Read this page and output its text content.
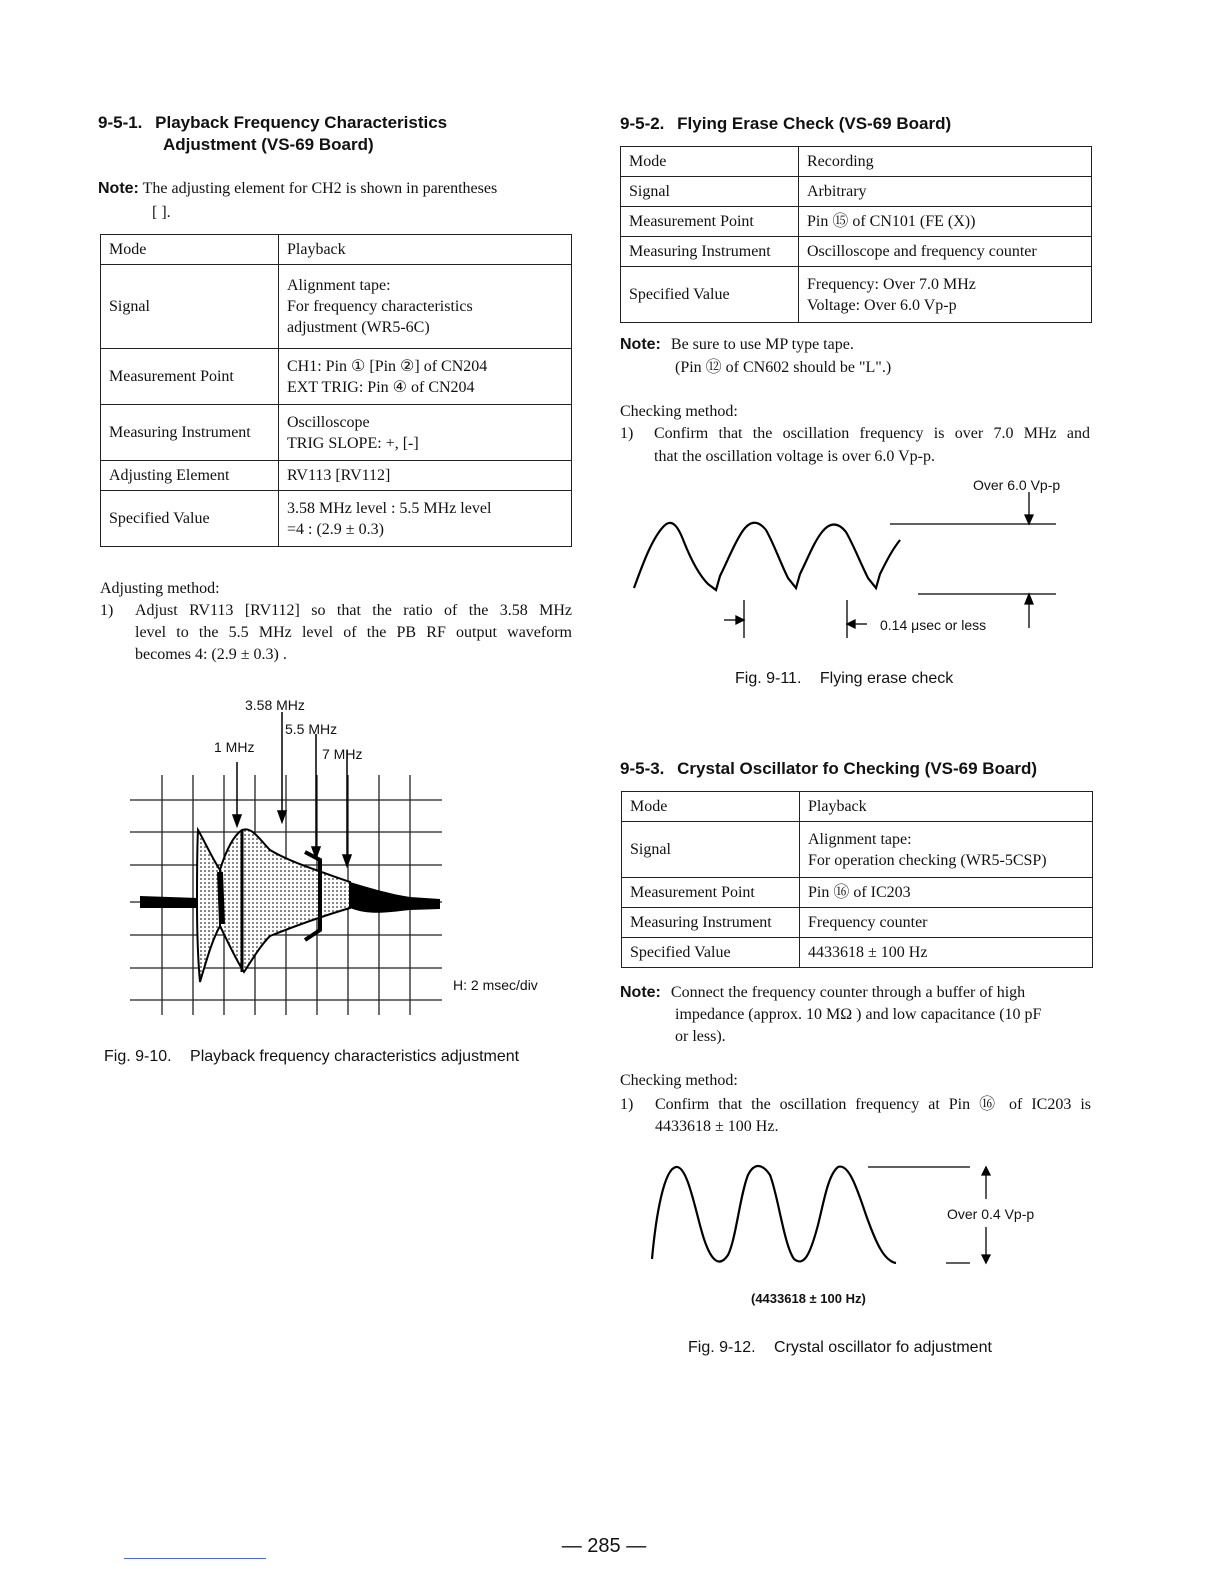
9-5-1. Playback Frequency Characteristics
Adjustment (VS-69 Board)
Note: The adjusting element for CH2 is shown in parentheses
[ ].
Mode	Playback
Signal	Alignment tape:
For frequency characteristics
adjustment (WR5-6C)
Measurement Point	CH1: Pin ① [Pin ②] of CN204
EXT TRIG: Pin ④ of CN204
Measuring Instrument	Oscilloscope
TRIG SLOPE: +, [-]
Adjusting Element	RV113 [RV112]
Specified Value	3.58 MHz level : 5.5 MHz level
=4 : (2.9 ± 0.3)
Adjusting method:
1) Adjust RV113 [RV112] so that the ratio of the 3.58 MHz
level to the 5.5 MHz level of the PB RF output waveform
becomes 4: (2.9 ± 0.3) .
3.58 MHz
5.5 MHz
1 MHz	7 MHz
H: 2 msec/div
Fig. 9-10. Playback frequency characteristics adjustment
9-5-2. Flying Erase Check (VS-69 Board)
Mode	Recording
Signal	Arbitrary
Measurement Point	Pin ⑮ of CN101 (FE (X))
Measuring Instrument	Oscilloscope and frequency counter
Specified Value	Frequency: Over 7.0 MHz
Voltage: Over 6.0 Vp-p
Note: Be sure to use MP type tape.
(Pin ⑫ of CN602 should be "L".)
Checking method:
1) Confirm that the oscillation frequency is over 7.0 MHz and
that the oscillation voltage is over 6.0 Vp-p.
Over 6.0 Vp-p
0.14 μsec or less
Fig. 9-11. Flying erase check
9-5-3. Crystal Oscillator fo Checking (VS-69 Board)
Mode	Playback
Signal	Alignment tape:
For operation checking (WR5-5CSP)
Measurement Point	Pin ⑯ of IC203
Measuring Instrument	Frequency counter
Specified Value	4433618 ± 100 Hz
Note: Connect the frequency counter through a buffer of high
impedance (approx. 10 MΩ ) and low capacitance (10 pF
or less).
Checking method:
1) Confirm that the oscillation frequency at Pin ⑯ of IC203 is
4433618 ± 100 Hz.
Over 0.4 Vp-p
(4433618 ± 100 Hz)
Fig. 9-12. Crystal oscillator fo adjustment
— 285 —
